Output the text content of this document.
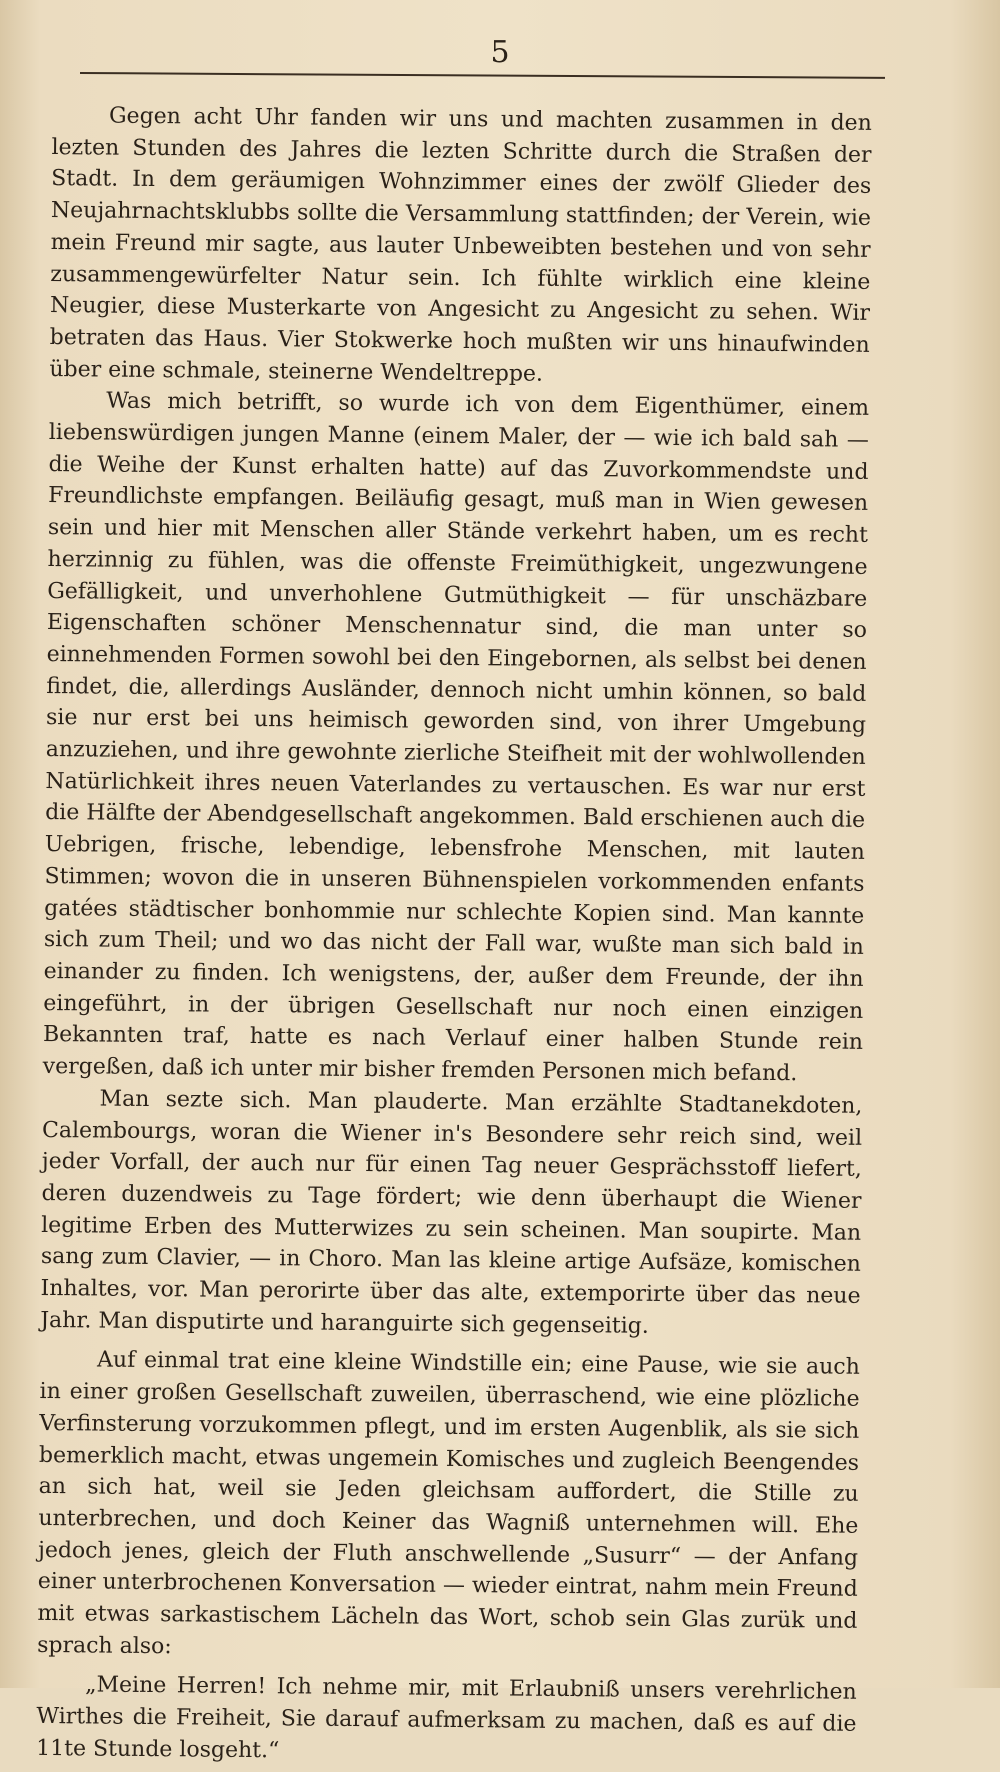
5

Gegen acht Uhr fanden wir uns und machten zusammen in den lezten Stunden des Jahres die lezten Schritte durch die Straßen der Stadt. In dem geräumigen Wohnzimmer eines der zwölf Glieder des Neujahrnachtsklubbs sollte die Versammlung stattfinden; der Verein, wie mein Freund mir sagte, aus lauter Unbeweibten bestehen und von sehr zusammengewürfelter Natur sein. Ich fühlte wirklich eine kleine Neugier, diese Musterkarte von Angesicht zu Angesicht zu sehen. Wir betraten das Haus. Vier Stokwerke hoch mußten wir uns hinaufwinden über eine schmale, steinerne Wendeltreppe.

Was mich betrifft, so wurde ich von dem Eigenthümer, einem liebenswürdigen jungen Manne (einem Maler, der — wie ich bald sah — die Weihe der Kunst erhalten hatte) auf das Zuvorkommendste und Freundlichste empfangen. Beiläufig gesagt, muß man in Wien gewesen sein und hier mit Menschen aller Stände verkehrt haben, um es recht herzinnig zu fühlen, was die offenste Freimüthigkeit, ungezwungene Gefälligkeit, und unverhohlene Gutmüthigkeit — für unschäzbare Eigenschaften schöner Menschennatur sind, die man unter so einnehmenden Formen sowohl bei den Eingebornen, als selbst bei denen findet, die, allerdings Ausländer, dennoch nicht umhin können, so bald sie nur erst bei uns heimisch geworden sind, von ihrer Umgebung anzuziehen, und ihre gewohnte zierliche Steifheit mit der wohlwollenden Natürlichkeit ihres neuen Vaterlandes zu vertauschen. Es war nur erst die Hälfte der Abendgesellschaft angekommen. Bald erschienen auch die Uebrigen, frische, lebendige, lebensfrohe Menschen, mit lauten Stimmen; wovon die in unseren Bühnenspielen vorkommenden enfants gatées städtischer bonhommie nur schlechte Kopien sind. Man kannte sich zum Theil; und wo das nicht der Fall war, wußte man sich bald in einander zu finden. Ich wenigstens, der, außer dem Freunde, der ihn eingeführt, in der übrigen Gesellschaft nur noch einen einzigen Bekannten traf, hatte es nach Verlauf einer halben Stunde rein vergeßen, daß ich unter mir bisher fremden Personen mich befand.

Man sezte sich. Man plauderte. Man erzählte Stadtanekdoten, Calembourgs, woran die Wiener in's Besondere sehr reich sind, weil jeder Vorfall, der auch nur für einen Tag neuer Gesprächsstoff liefert, deren duzendweis zu Tage fördert; wie denn überhaupt die Wiener legitime Erben des Mutterwizes zu sein scheinen. Man soupirte. Man sang zum Clavier, — in Choro. Man las kleine artige Aufsäze, komischen Inhaltes, vor. Man perorirte über das alte, extemporirte über das neue Jahr. Man disputirte und haranguirte sich gegenseitig.

Auf einmal trat eine kleine Windstille ein; eine Pause, wie sie auch in einer großen Gesellschaft zuweilen, überraschend, wie eine plözliche Verfinsterung vorzukommen pflegt, und im ersten Augenblik, als sie sich bemerklich macht, etwas ungemein Komisches und zugleich Beengendes an sich hat, weil sie Jeden gleichsam auffordert, die Stille zu unterbrechen, und doch Keiner das Wagniß unternehmen will. Ehe jedoch jenes, gleich der Fluth anschwellende „Susurr“ — der Anfang einer unterbrochenen Konversation — wieder eintrat, nahm mein Freund mit etwas sarkastischem Lächeln das Wort, schob sein Glas zurük und sprach also:

„Meine Herren! Ich nehme mir, mit Erlaubniß unsers verehrlichen Wirthes die Freiheit, Sie darauf aufmerksam zu machen, daß es auf die 11te Stunde losgeht.“
